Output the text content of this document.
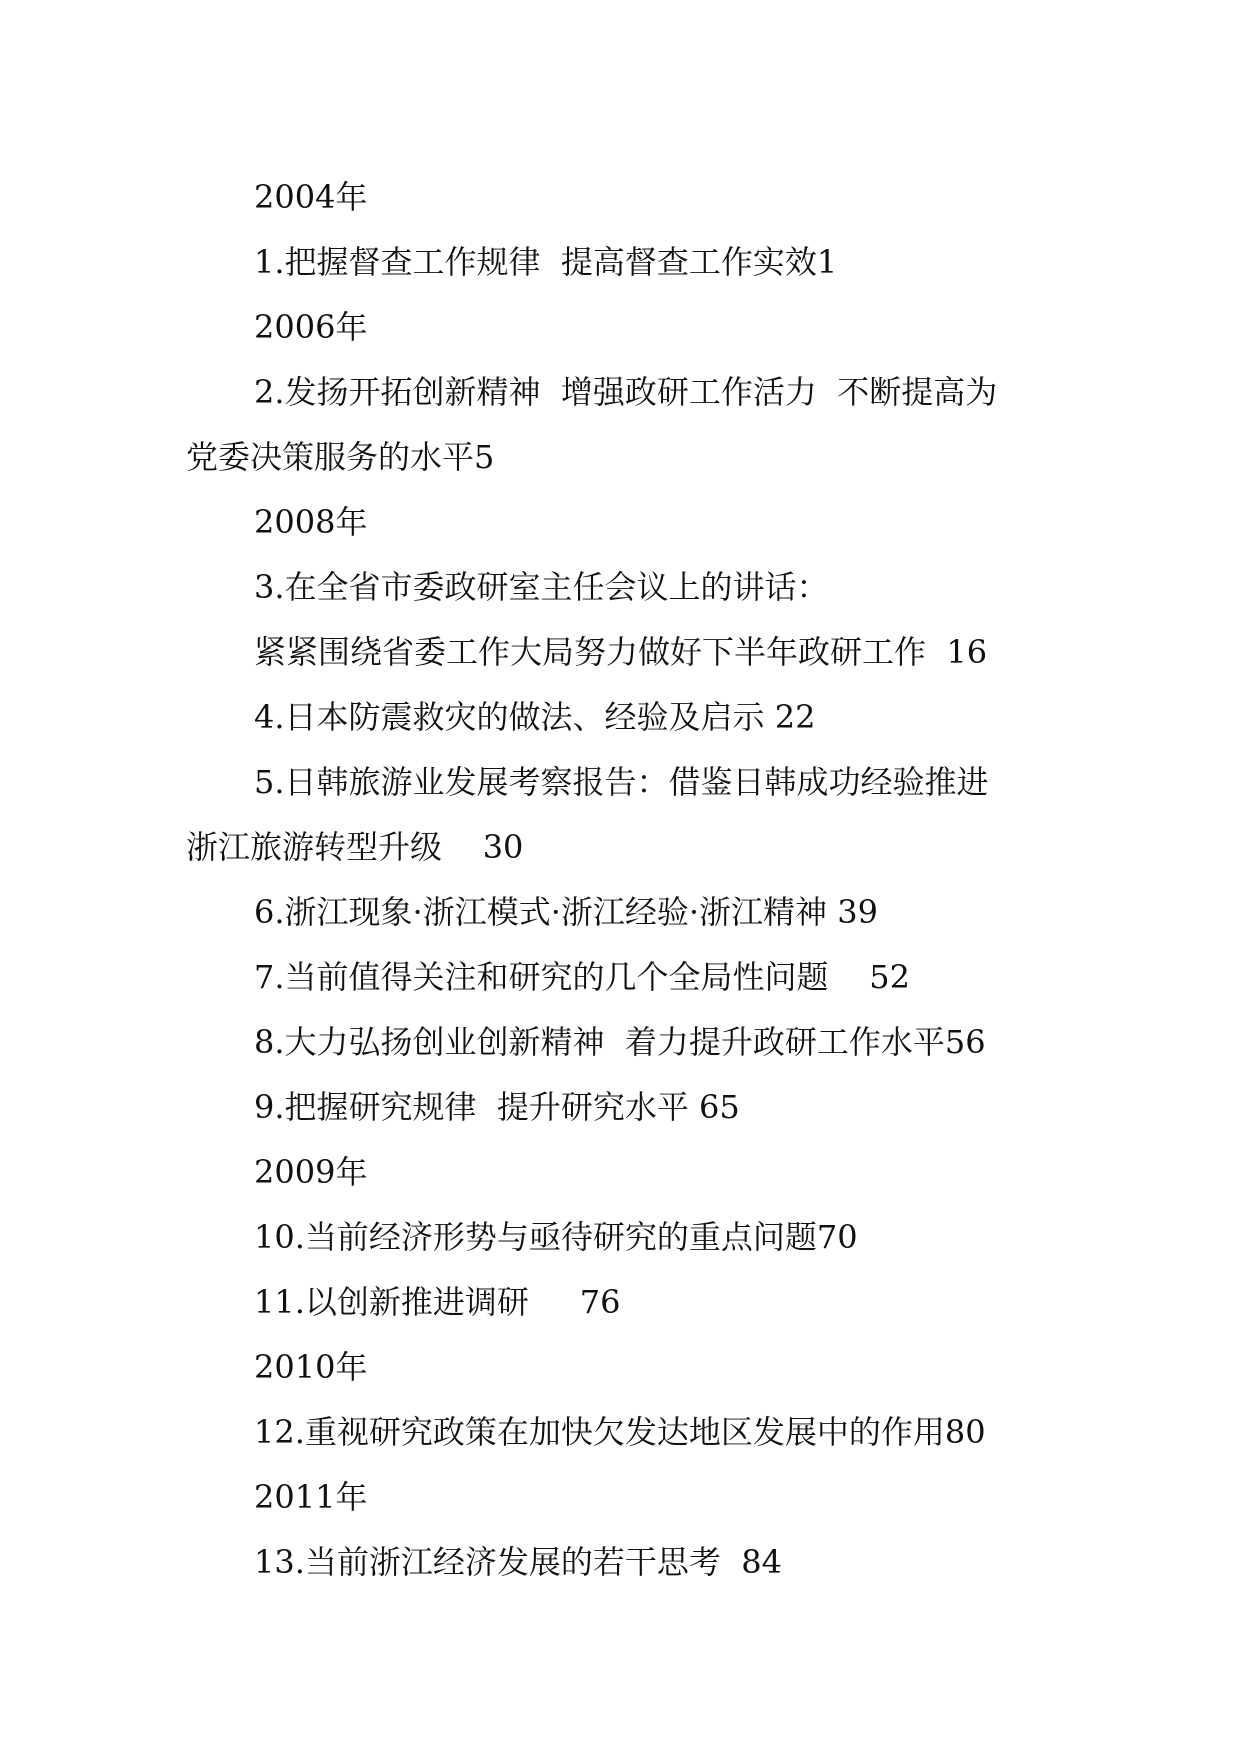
2004年
1.把握督查工作规律  提高督查工作实效1
2006年
2.发扬开拓创新精神  增强政研工作活力  不断提高为
党委决策服务的水平5
2008年
3.在全省市委政研室主任会议上的讲话：
紧紧围绕省委工作大局努力做好下半年政研工作  16
4.日本防震救灾的做法、经验及启示 22
5.日韩旅游业发展考察报告：借鉴日韩成功经验推进
浙江旅游转型升级    30
6.浙江现象·浙江模式·浙江经验·浙江精神 39
7.当前值得关注和研究的几个全局性问题    52
8.大力弘扬创业创新精神  着力提升政研工作水平56
9.把握研究规律  提升研究水平 65
2009年
10.当前经济形势与亟待研究的重点问题70
11.以创新推进调研     76
2010年
12.重视研究政策在加快欠发达地区发展中的作用80
2011年
13.当前浙江经济发展的若干思考  84
